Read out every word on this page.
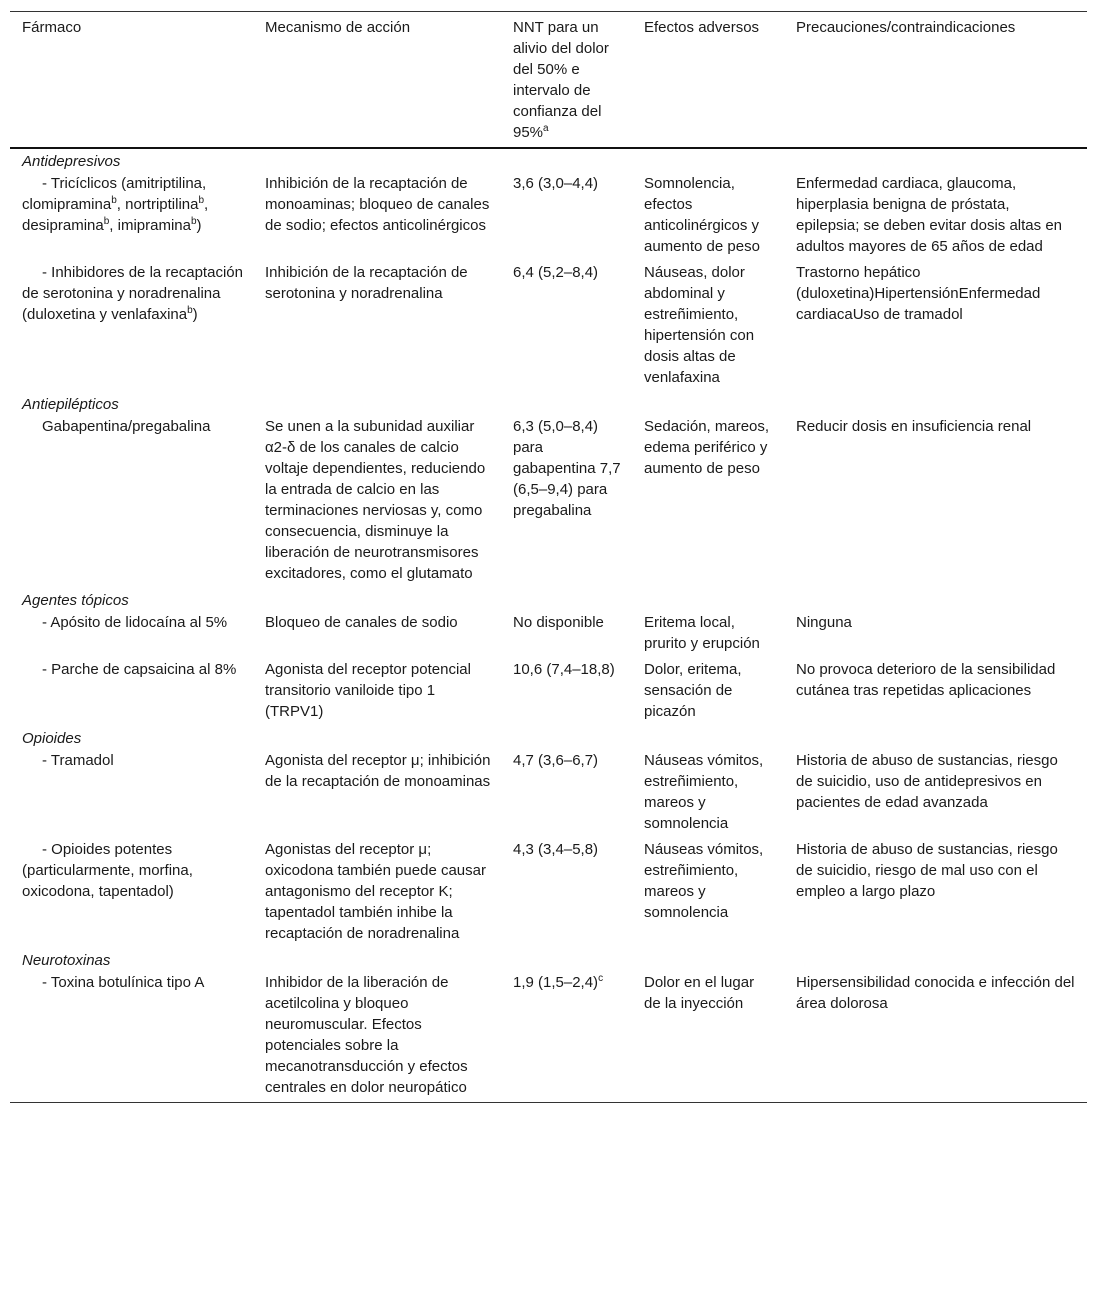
Fármaco	Mecanismo de acción	NNT para un alivio del dolor del 50% e intervalo de confianza del 95%$^a$	Efectos adversos	Precauciones/contraindicaciones
Antidepresivos				
- Tricíclicos (amitriptilina, clomipramina$^b$, nortriptilina$^b$, desipramina$^b$, imipramina$^b$)	Inhibición de la recaptación de monoaminas; bloqueo de canales de sodio; efectos anticolinérgicos	3,6 (3,0–4,4)	Somnolencia, efectos anticolinérgicos y aumento de peso	Enfermedad cardiaca, glaucoma, hiperplasia benigna de próstata, epilepsia; se deben evitar dosis altas en adultos mayores de 65 años de edad
- Inhibidores de la recaptación de serotonina y noradrenalina (duloxetina y venlafaxina$^b$)	Inhibición de la recaptación de serotonina y noradrenalina	6,4 (5,2–8,4)	Náuseas, dolor abdominal y estreñimiento, hipertensión con dosis altas de venlafaxina	Trastorno hepático (duloxetina)HipertensiónEnfermedad cardiacaUso de tramadol
Antiepilépticos				
Gabapentina/pregabalina	Se unen a la subunidad auxiliar α2-δ de los canales de calcio voltaje dependientes, reduciendo la entrada de calcio en las terminaciones nerviosas y, como consecuencia, disminuye la liberación de neurotransmisores excitadores, como el glutamato	6,3 (5,0–8,4) para gabapentina 7,7 (6,5–9,4) para pregabalina	Sedación, mareos, edema periférico y aumento de peso	Reducir dosis en insuficiencia renal
Agentes tópicos				
- Apósito de lidocaína al 5%	Bloqueo de canales de sodio	No disponible	Eritema local, prurito y erupción	Ninguna
- Parche de capsaicina al 8%	Agonista del receptor potencial transitorio vaniloide tipo 1 (TRPV1)	10,6 (7,4–18,8)	Dolor, eritema, sensación de picazón	No provoca deterioro de la sensibilidad cutánea tras repetidas aplicaciones
Opioides				
- Tramadol	Agonista del receptor μ; inhibición de la recaptación de monoaminas	4,7 (3,6–6,7)	Náuseas vómitos, estreñimiento, mareos y somnolencia	Historia de abuso de sustancias, riesgo de suicidio, uso de antidepresivos en pacientes de edad avanzada
- Opioides potentes (particularmente, morfina, oxicodona, tapentadol)	Agonistas del receptor μ; oxicodona también puede causar antagonismo del receptor K; tapentadol también inhibe la recaptación de noradrenalina	4,3 (3,4–5,8)	Náuseas vómitos, estreñimiento, mareos y somnolencia	Historia de abuso de sustancias, riesgo de suicidio, riesgo de mal uso con el empleo a largo plazo
Neurotoxinas				
- Toxina botulínica tipo A	Inhibidor de la liberación de acetilcolina y bloqueo neuromuscular. Efectos potenciales sobre la mecanotransducción y efectos centrales en dolor neuropático	1,9 $(1,5-2,4)^c$	Dolor en el lugar de la inyección	Hipersensibilidad conocida e infección del área dolorosa
